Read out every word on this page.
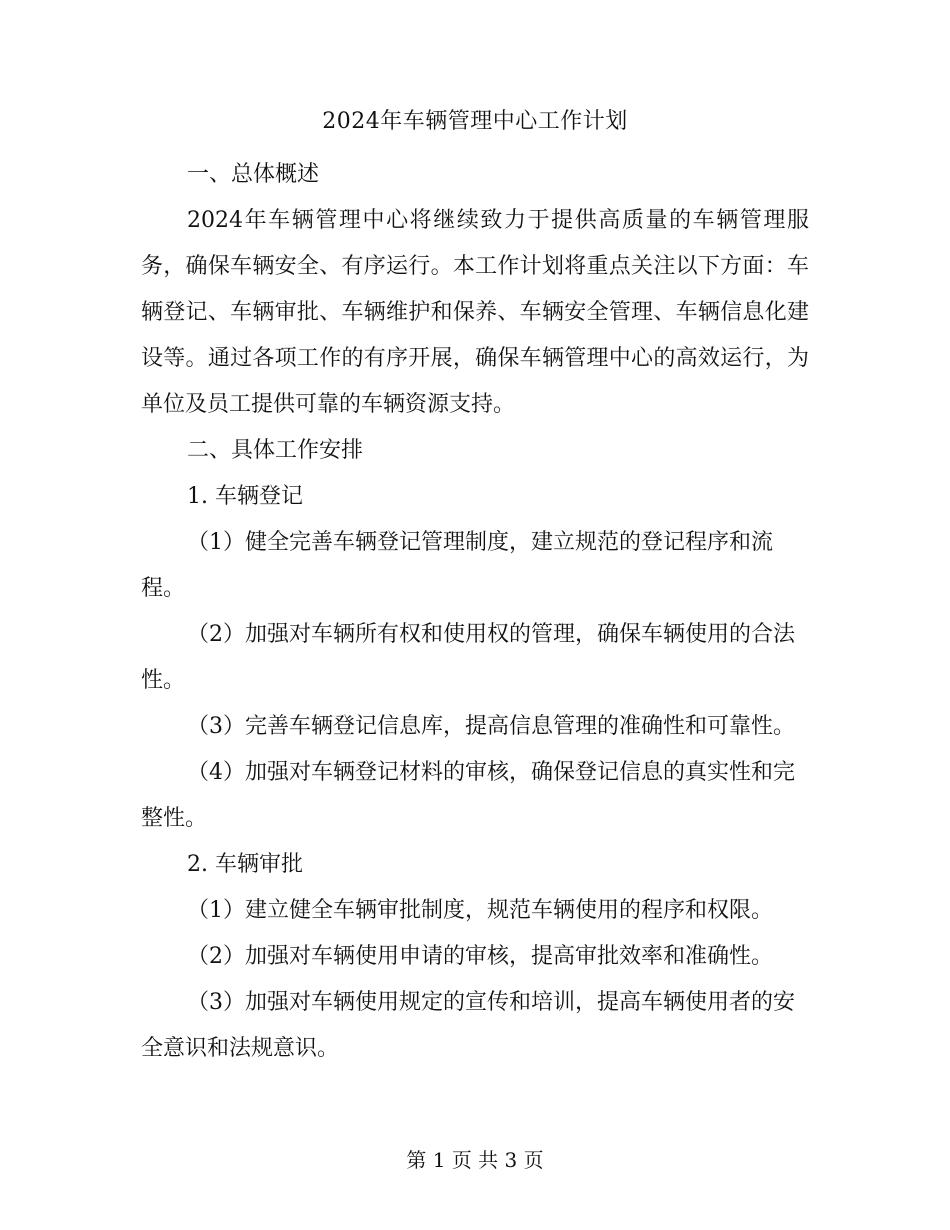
2024年车辆管理中心工作计划

一、总体概述

2024年车辆管理中心将继续致力于提供高质量的车辆管理服务，确保车辆安全、有序运行。本工作计划将重点关注以下方面：车辆登记、车辆审批、车辆维护和保养、车辆安全管理、车辆信息化建设等。通过各项工作的有序开展，确保车辆管理中心的高效运行，为单位及员工提供可靠的车辆资源支持。

二、具体工作安排

1. 车辆登记

（1）健全完善车辆登记管理制度，建立规范的登记程序和流程。

（2）加强对车辆所有权和使用权的管理，确保车辆使用的合法性。

（3）完善车辆登记信息库，提高信息管理的准确性和可靠性。

（4）加强对车辆登记材料的审核，确保登记信息的真实性和完整性。

2. 车辆审批

（1）建立健全车辆审批制度，规范车辆使用的程序和权限。

（2）加强对车辆使用申请的审核，提高审批效率和准确性。

（3）加强对车辆使用规定的宣传和培训，提高车辆使用者的安全意识和法规意识。

第 1 页 共 3 页
